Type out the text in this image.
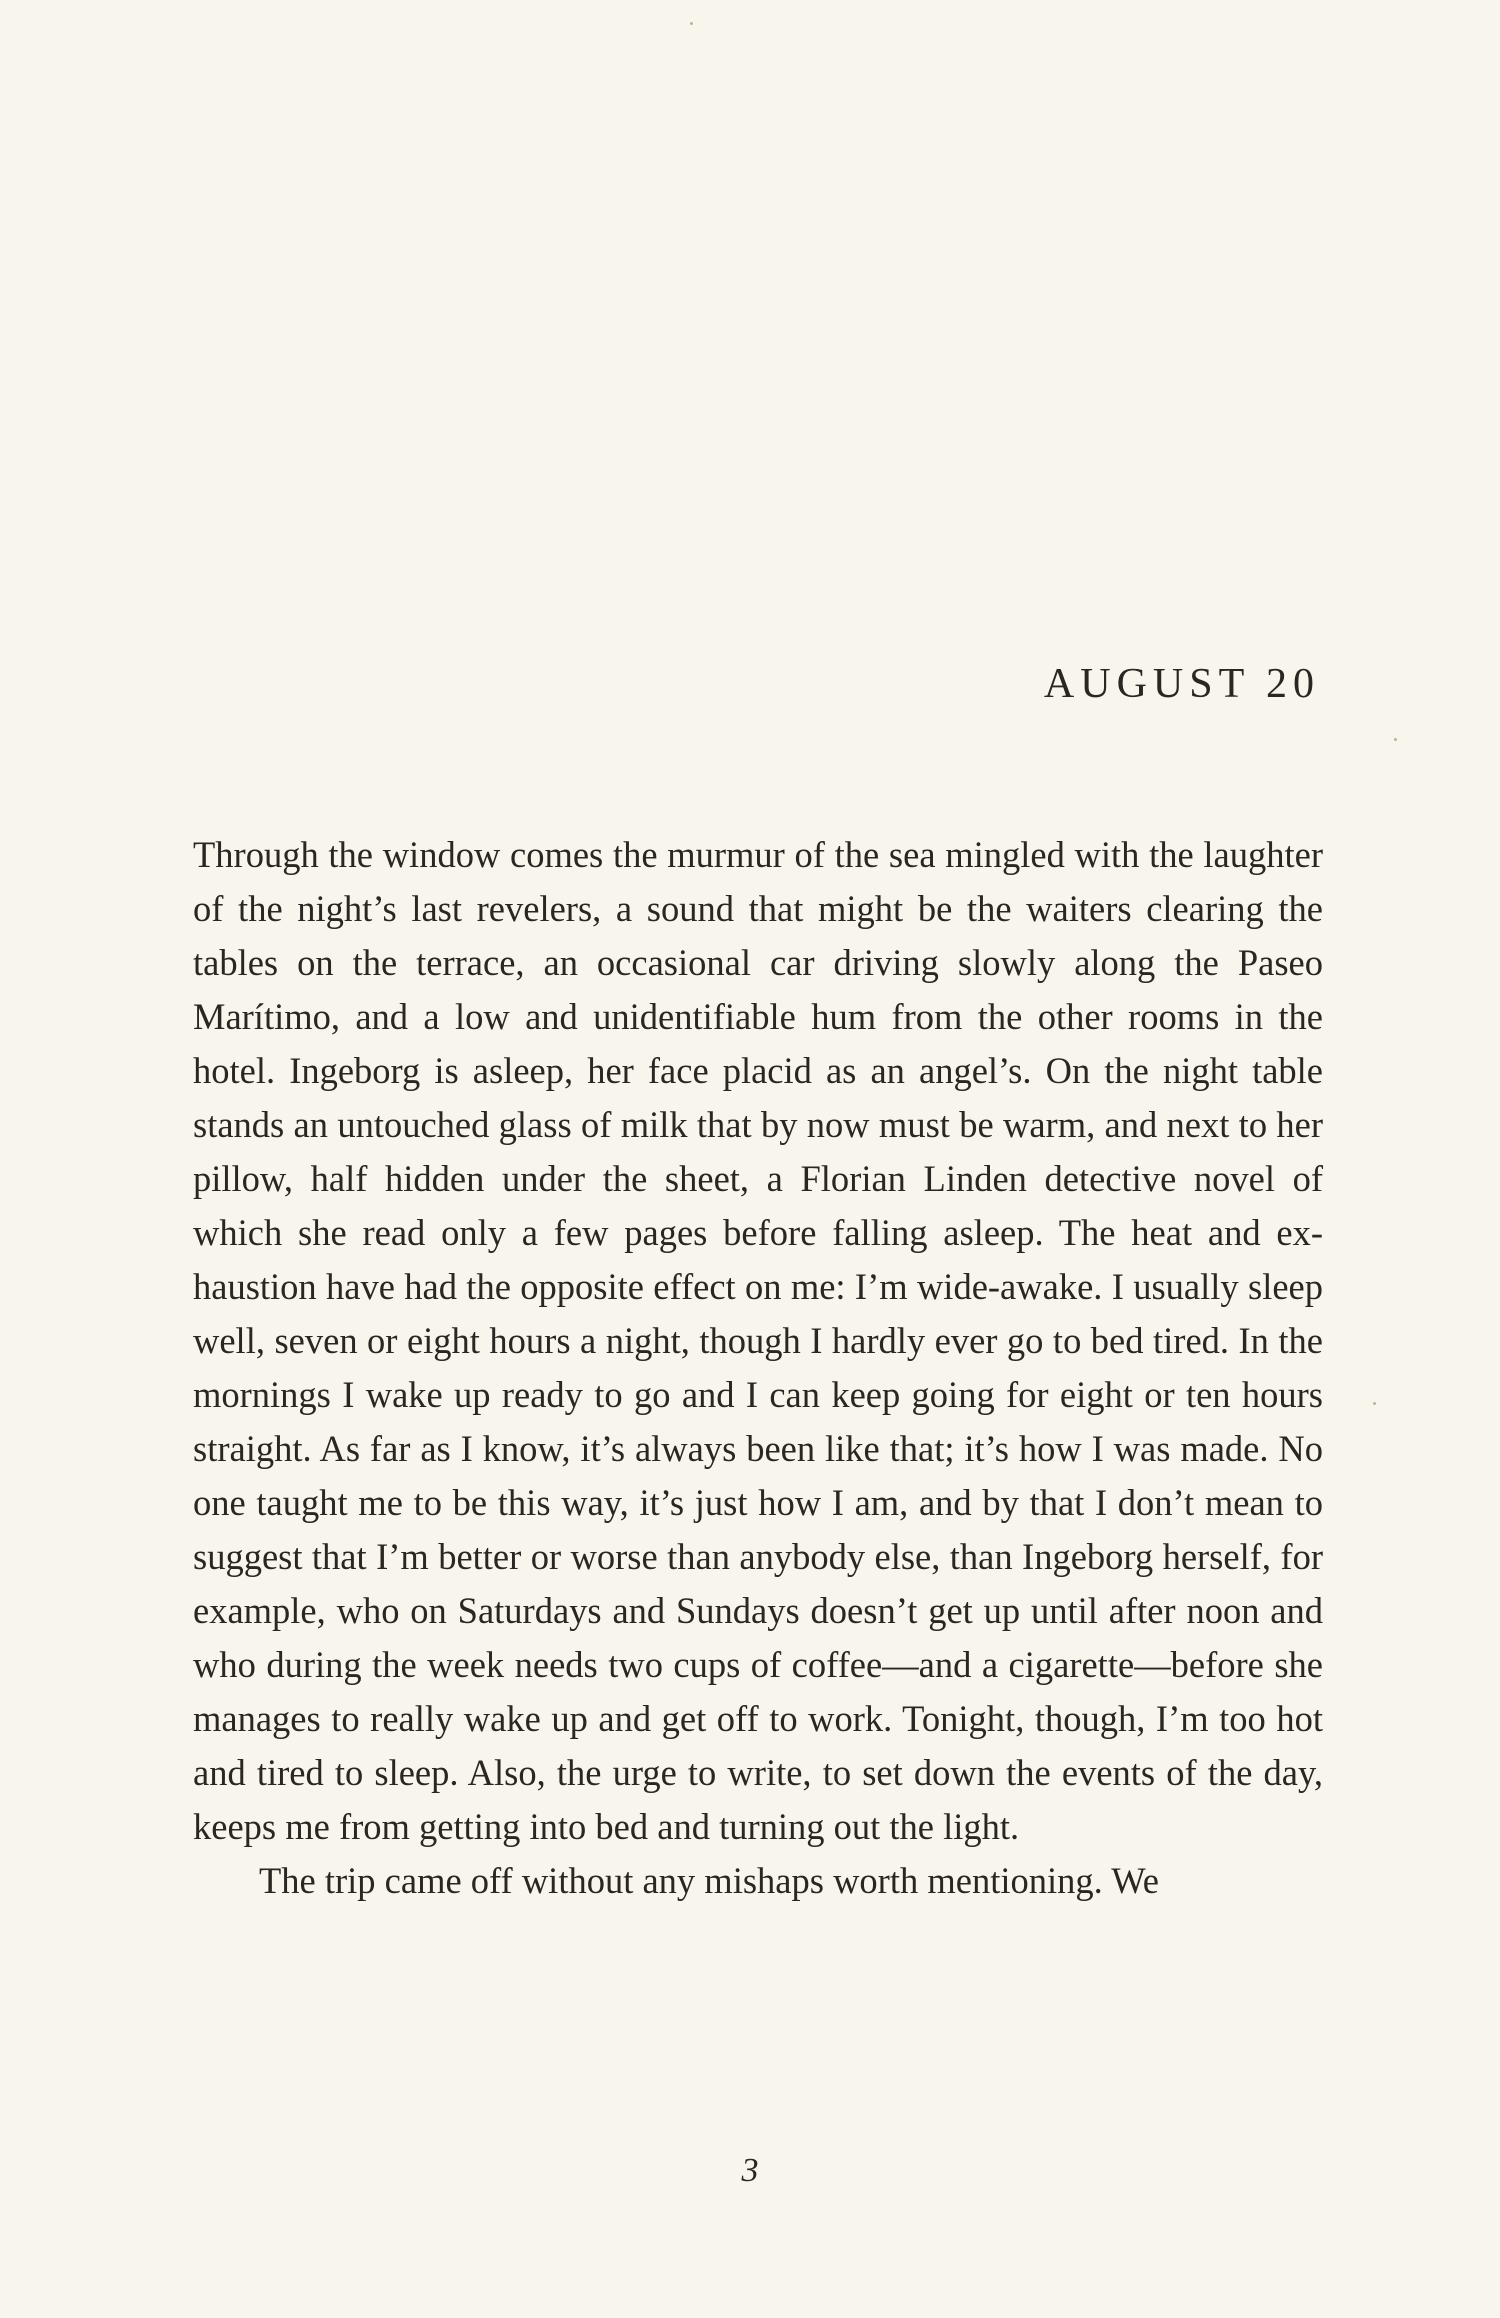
AUGUST 20

Through the window comes the murmur of the sea mingled with the laughter of the night’s last revelers, a sound that might be the waiters clearing the tables on the terrace, an occasional car driving slowly along the Paseo Marítimo, and a low and unidentifiable hum from the other rooms in the hotel. Ingeborg is asleep, her face placid as an angel’s. On the night table stands an untouched glass of milk that by now must be warm, and next to her pillow, half hidden under the sheet, a Florian Linden detective novel of which she read only a few pages before falling asleep. The heat and exhaustion have had the opposite effect on me: I’m wide-awake. I usually sleep well, seven or eight hours a night, though I hardly ever go to bed tired. In the mornings I wake up ready to go and I can keep going for eight or ten hours straight. As far as I know, it’s always been like that; it’s how I was made. No one taught me to be this way, it’s just how I am, and by that I don’t mean to suggest that I’m better or worse than anybody else, than Ingeborg herself, for example, who on Saturdays and Sundays doesn’t get up until after noon and who during the week needs two cups of coffee—and a cigarette—before she manages to really wake up and get off to work. Tonight, though, I’m too hot and tired to sleep. Also, the urge to write, to set down the events of the day, keeps me from getting into bed and turning out the light.

The trip came off without any mishaps worth mentioning. We

3
